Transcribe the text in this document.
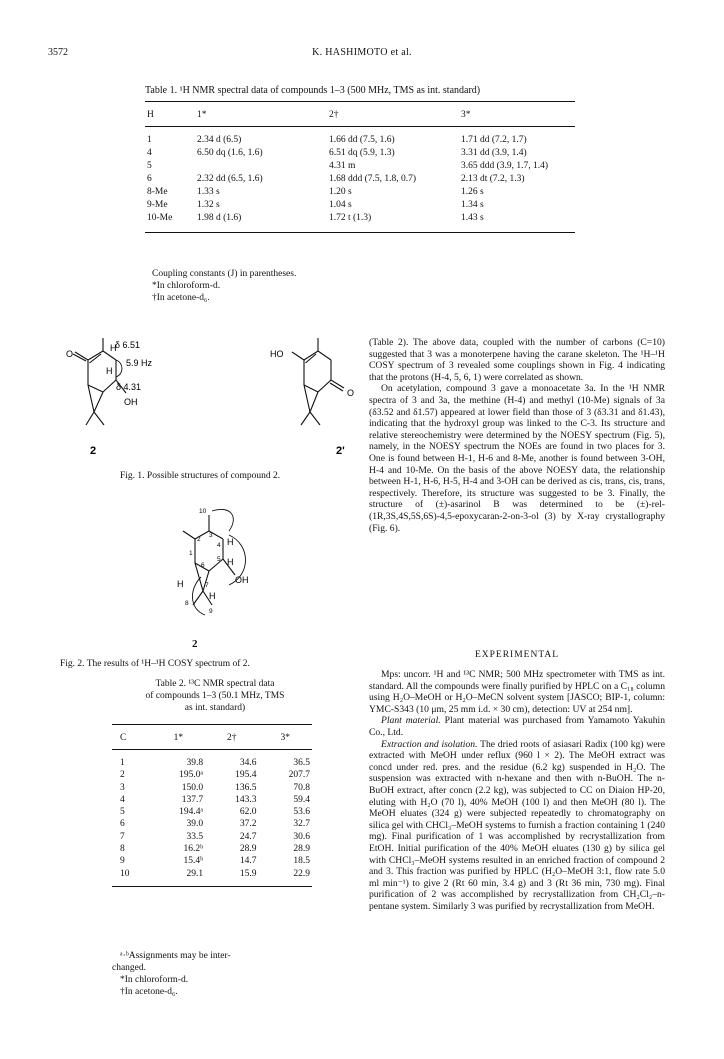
3572	K. HASHIMOTO et al.
Table 1. ¹H NMR spectral data of compounds 1–3 (500 MHz, TMS as int. standard)
H	1*	2†	3*
1	2.34 d (6.5)	1.66 dd (7.5, 1.6)	1.71 dd (7.2, 1.7)
4	6.50 dq (1.6, 1.6)	6.51 dq (5.9, 1.3)	3.31 dd (3.9, 1.4)
5		4.31 m	3.65 ddd (3.9, 1.7, 1.4)
6	2.32 dd (6.5, 1.6)	1.68 ddd (7.5, 1.8, 0.7)	2.13 dt (7.2, 1.3)
8-Me	1.33 s	1.20 s	1.26 s
9-Me	1.32 s	1.04 s	1.34 s
10-Me	1.98 d (1.6)	1.72 t (1.3)	1.43 s
Coupling constants (J) in parentheses.
*In chloroform-d.
†In acetone-d₆.
O
H
H
δ 6.51
5.9 Hz
δ 4.31
OH
2
HO
O
2'
Fig. 1. Possible structures of compound 2.
10
1
2
3
4
5
6
7
8
9
H
H
H
H
OH
2
Fig. 2. The results of ¹H–¹H COSY spectrum of 2.
Table 2. ¹³C NMR spectral data
of compounds 1–3 (50.1 MHz, TMS
as int. standard)
C	1*	2†	3*
1	39.8	34.6	36.5
2	195.0ᵃ	195.4	207.7
3	150.0	136.5	70.8
4	137.7	143.3	59.4
5	194.4ᵃ	62.0	53.6
6	39.0	37.2	32.7
7	33.5	24.7	30.6
8	16.2ᵇ	28.9	28.9
9	15.4ᵇ	14.7	18.5
10	29.1	15.9	22.9
ᵃ·ᵇAssignments may be inter-
changed.
*In chloroform-d.
†In acetone-d₆.
(Table 2). The above data, coupled with the number of carbons (C=10) suggested that 3 was a monoterpene having the carane skeleton. The ¹H–¹H COSY spectrum of 3 revealed some couplings shown in Fig. 4 indicating that the protons (H-4, 5, 6, 1) were correlated as shown.
On acetylation, compound 3 gave a monoacetate 3a. In the ¹H NMR spectra of 3 and 3a, the methine (H-4) and methyl (10-Me) signals of 3a (δ3.52 and δ1.57) appeared at lower field than those of 3 (δ3.31 and δ1.43), indicating that the hydroxyl group was linked to the C-3. Its structure and relative stereochemistry were determined by the NOESY spectrum (Fig. 5), namely, in the NOESY spectrum the NOEs are found in two places for 3. One is found between H-1, H-6 and 8-Me, another is found between 3-OH, H-4 and 10-Me. On the basis of the above NOESY data, the relationship between H-1, H-6, H-5, H-4 and 3-OH can be derived as cis, trans, cis, trans, respectively. Therefore, its structure was suggested to be 3. Finally, the structure of (±)-asarinol B was determined to be (±)-rel-(1R,3S,4S,5S,6S)-4,5-epoxycaran-2-on-3-ol (3) by X-ray crystallography (Fig. 6).
EXPERIMENTAL
Mps: uncorr. ¹H and ¹³C NMR; 500 MHz spectrometer with TMS as int. standard. All the compounds were finally purified by HPLC on a C₁₈ column using H₂O–MeOH or H₂O–MeCN solvent system [JASCO; BIP-1, column: YMC-S343 (10 μm, 25 mm i.d. × 30 cm), detection: UV at 254 nm].
Plant material. Plant material was purchased from Yamamoto Yakuhin Co., Ltd.
Extraction and isolation. The dried roots of asiasari Radix (100 kg) were extracted with MeOH under reflux (960 l × 2). The MeOH extract was concd under red. pres. and the residue (6.2 kg) suspended in H₂O. The suspension was extracted with n-hexane and then with n-BuOH. The n-BuOH extract, after concn (2.2 kg), was subjected to CC on Diaion HP-20, eluting with H₂O (70 l), 40% MeOH (100 l) and then MeOH (80 l). The MeOH eluates (324 g) were subjected repeatedly to chromatography on silica gel with CHCl₃–MeOH systems to furnish a fraction containing 1 (240 mg). Final purification of 1 was accomplished by recrystallization from EtOH. Initial purification of the 40% MeOH eluates (130 g) by silica gel with CHCl₃–MeOH systems resulted in an enriched fraction of compound 2 and 3. This fraction was purified by HPLC (H₂O–MeOH 3:1, flow rate 5.0 ml min⁻¹) to give 2 (Rt 60 min, 3.4 g) and 3 (Rt 36 min, 730 mg). Final purification of 2 was accomplished by recrystallization from CH₂Cl₂–n-pentane system. Similarly 3 was purified by recrystallization from MeOH.
